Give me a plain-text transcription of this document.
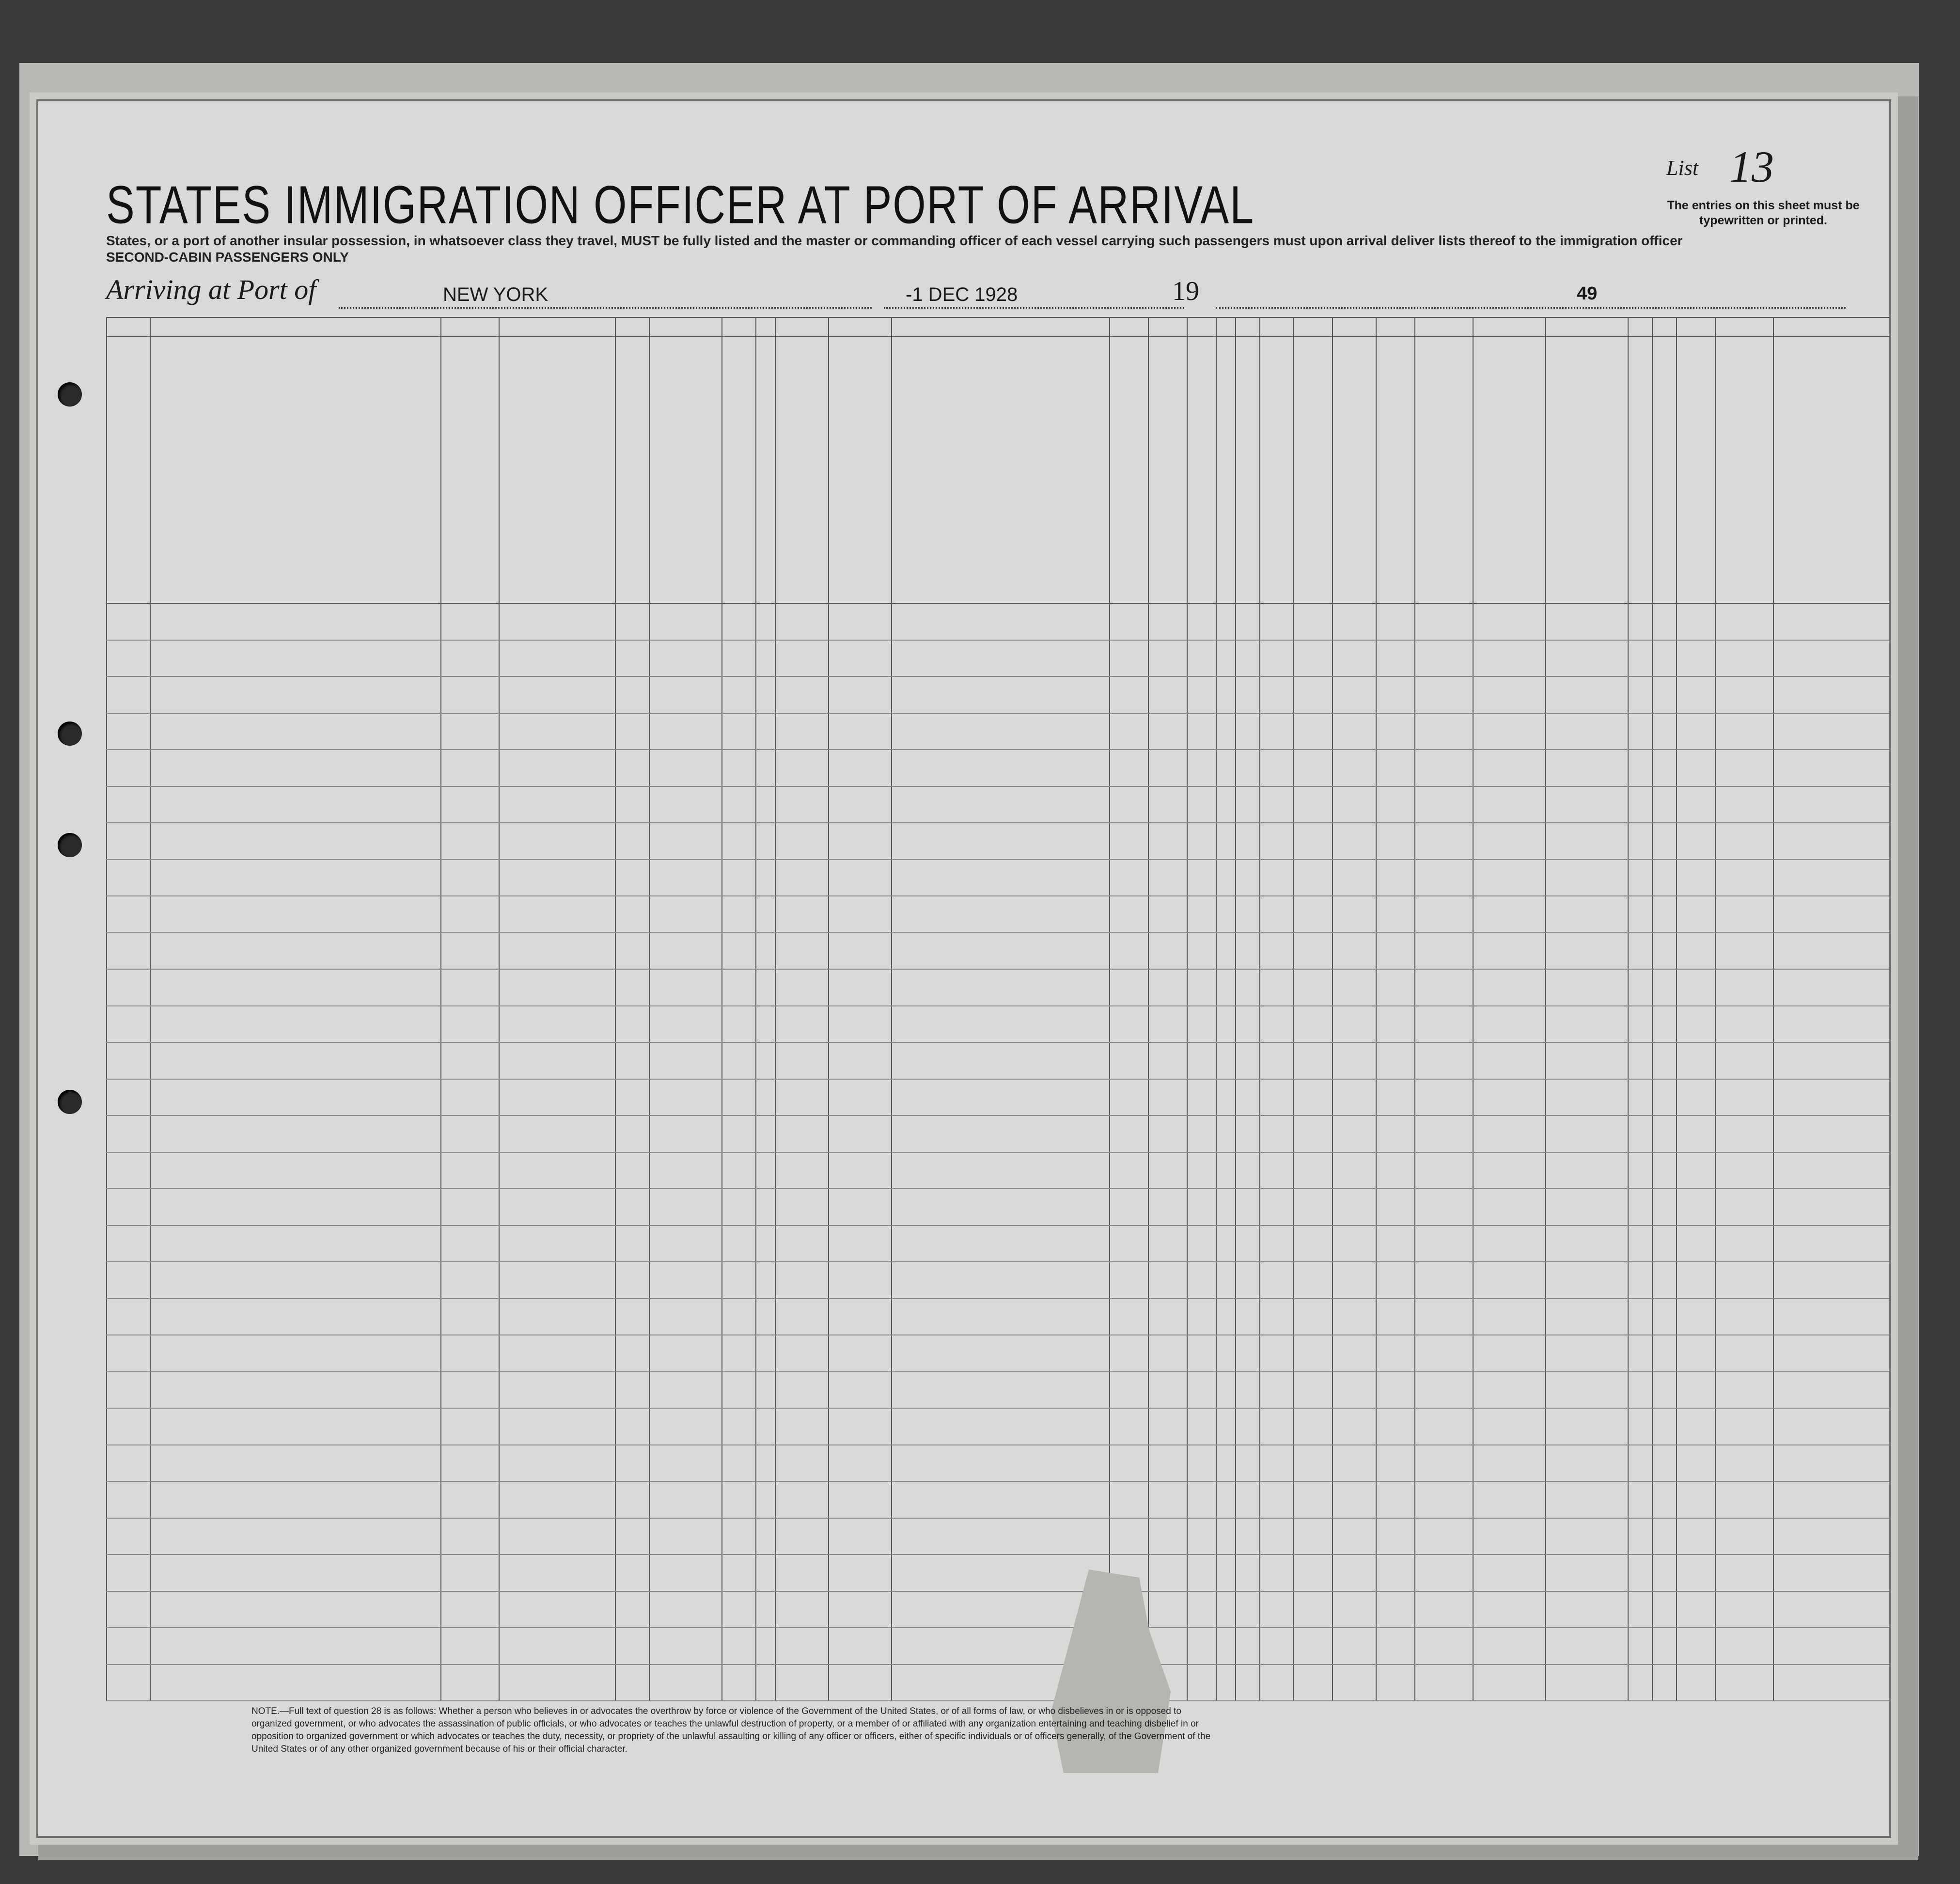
STATES IMMIGRATION OFFICER AT PORT OF ARRIVAL
States, or a port of another insular possession, in whatsoever class they travel, MUST be fully listed and the master or commanding officer of each vessel carrying such passengers must upon arrival deliver lists thereof to the immigration officer
SECOND-CABIN PASSENGERS ONLY
List 13
The entries on this sheet must be typewritten or printed.
Arriving at Port of	NEW YORK	-1 DEC 1928	19	49
NOTE.—Full text of question 28 is as follows: Whether a person who believes in or advocates the overthrow by force or violence of the Government of the United States, or of all forms of law, or who disbelieves in or is opposed to organized government, or who advocates the assassination of public officials, or who advocates or teaches the unlawful destruction of property, or a member of or affiliated with any organization entertaining and teaching disbelief in or opposition to organized government or which advocates or teaches the duty, necessity, or propriety of the unlawful assaulting or killing of any officer or officers, either of specific individuals or of officers generally, of the Government of the United States or of any other organized government because of his or their official character.
